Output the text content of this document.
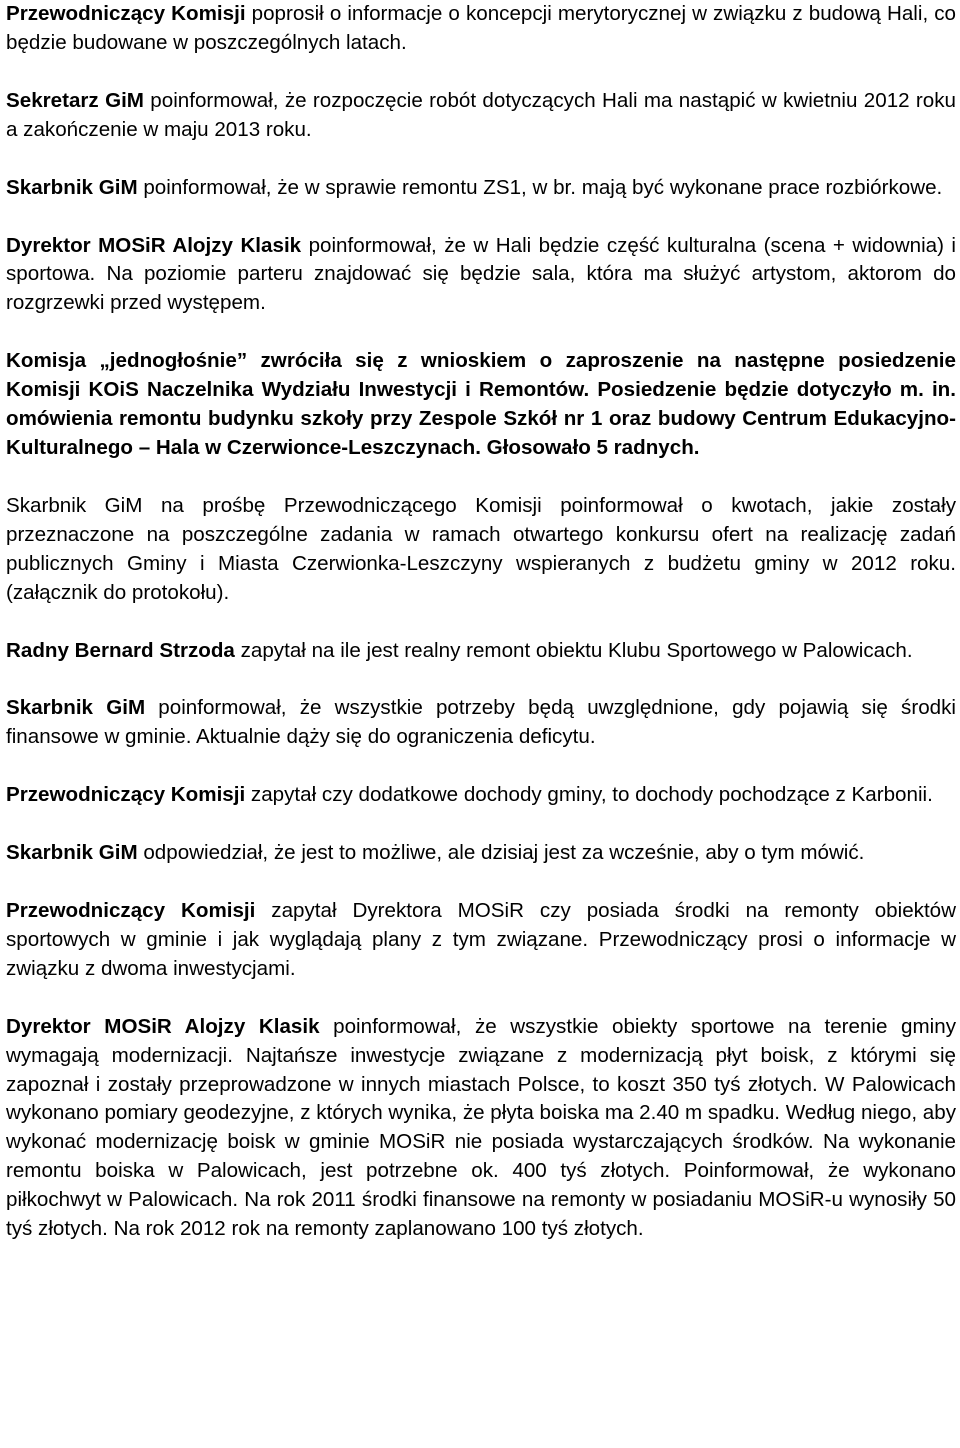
Przewodniczący Komisji poprosił o informacje o koncepcji merytorycznej w związku z budową Hali, co będzie budowane w poszczególnych latach.

Sekretarz GiM poinformował, że rozpoczęcie robót dotyczących Hali ma nastąpić w kwietniu 2012 roku a zakończenie w maju 2013 roku.

Skarbnik GiM poinformował, że w sprawie remontu ZS1, w br. mają być wykonane prace rozbiórkowe.

Dyrektor MOSiR Alojzy Klasik poinformował, że w Hali będzie część kulturalna (scena + widownia) i sportowa. Na poziomie parteru znajdować się będzie sala, która ma służyć artystom, aktorom do rozgrzewki przed występem.

Komisja „jednogłośnie” zwróciła się z wnioskiem o zaproszenie na następne posiedzenie Komisji KOiS Naczelnika Wydziału Inwestycji i Remontów. Posiedzenie będzie dotyczyło m. in. omówienia remontu budynku szkoły przy Zespole Szkół nr 1 oraz budowy Centrum Edukacyjno-Kulturalnego – Hala w Czerwionce-Leszczynach. Głosowało 5 radnych.

Skarbnik GiM na prośbę Przewodniczącego Komisji poinformował o kwotach, jakie zostały przeznaczone na poszczególne zadania w ramach otwartego konkursu ofert na realizację zadań publicznych Gminy i Miasta Czerwionka-Leszczyny wspieranych z budżetu gminy w 2012 roku.(załącznik do protokołu).

Radny Bernard Strzoda zapytał na ile jest realny remont obiektu Klubu Sportowego w Palowicach.

Skarbnik GiM poinformował, że wszystkie potrzeby będą uwzględnione, gdy pojawią się środki finansowe w gminie. Aktualnie dąży się do ograniczenia deficytu.

Przewodniczący Komisji zapytał czy dodatkowe dochody gminy, to dochody pochodzące z Karbonii.

Skarbnik GiM odpowiedział, że jest to możliwe, ale dzisiaj jest za wcześnie, aby o tym mówić.

Przewodniczący Komisji zapytał Dyrektora MOSiR czy posiada środki na remonty obiektów sportowych w gminie i jak wyglądają plany z tym związane. Przewodniczący prosi o informacje w związku z dwoma inwestycjami.

Dyrektor MOSiR Alojzy Klasik poinformował, że wszystkie obiekty sportowe na terenie gminy wymagają modernizacji. Najtańsze inwestycje związane z modernizacją płyt boisk, z którymi się zapoznał i zostały przeprowadzone w innych miastach Polsce, to koszt 350 tyś złotych. W Palowicach wykonano pomiary geodezyjne, z których wynika, że płyta boiska ma 2.40 m spadku. Według niego, aby wykonać modernizację boisk w gminie MOSiR nie posiada wystarczających środków. Na wykonanie remontu boiska w Palowicach, jest potrzebne ok. 400 tyś złotych. Poinformował, że wykonano piłkochwyt w Palowicach. Na rok 2011 środki finansowe na remonty w posiadaniu MOSiR-u wynosiły 50 tyś złotych. Na rok 2012 rok na remonty zaplanowano 100 tyś złotych.
